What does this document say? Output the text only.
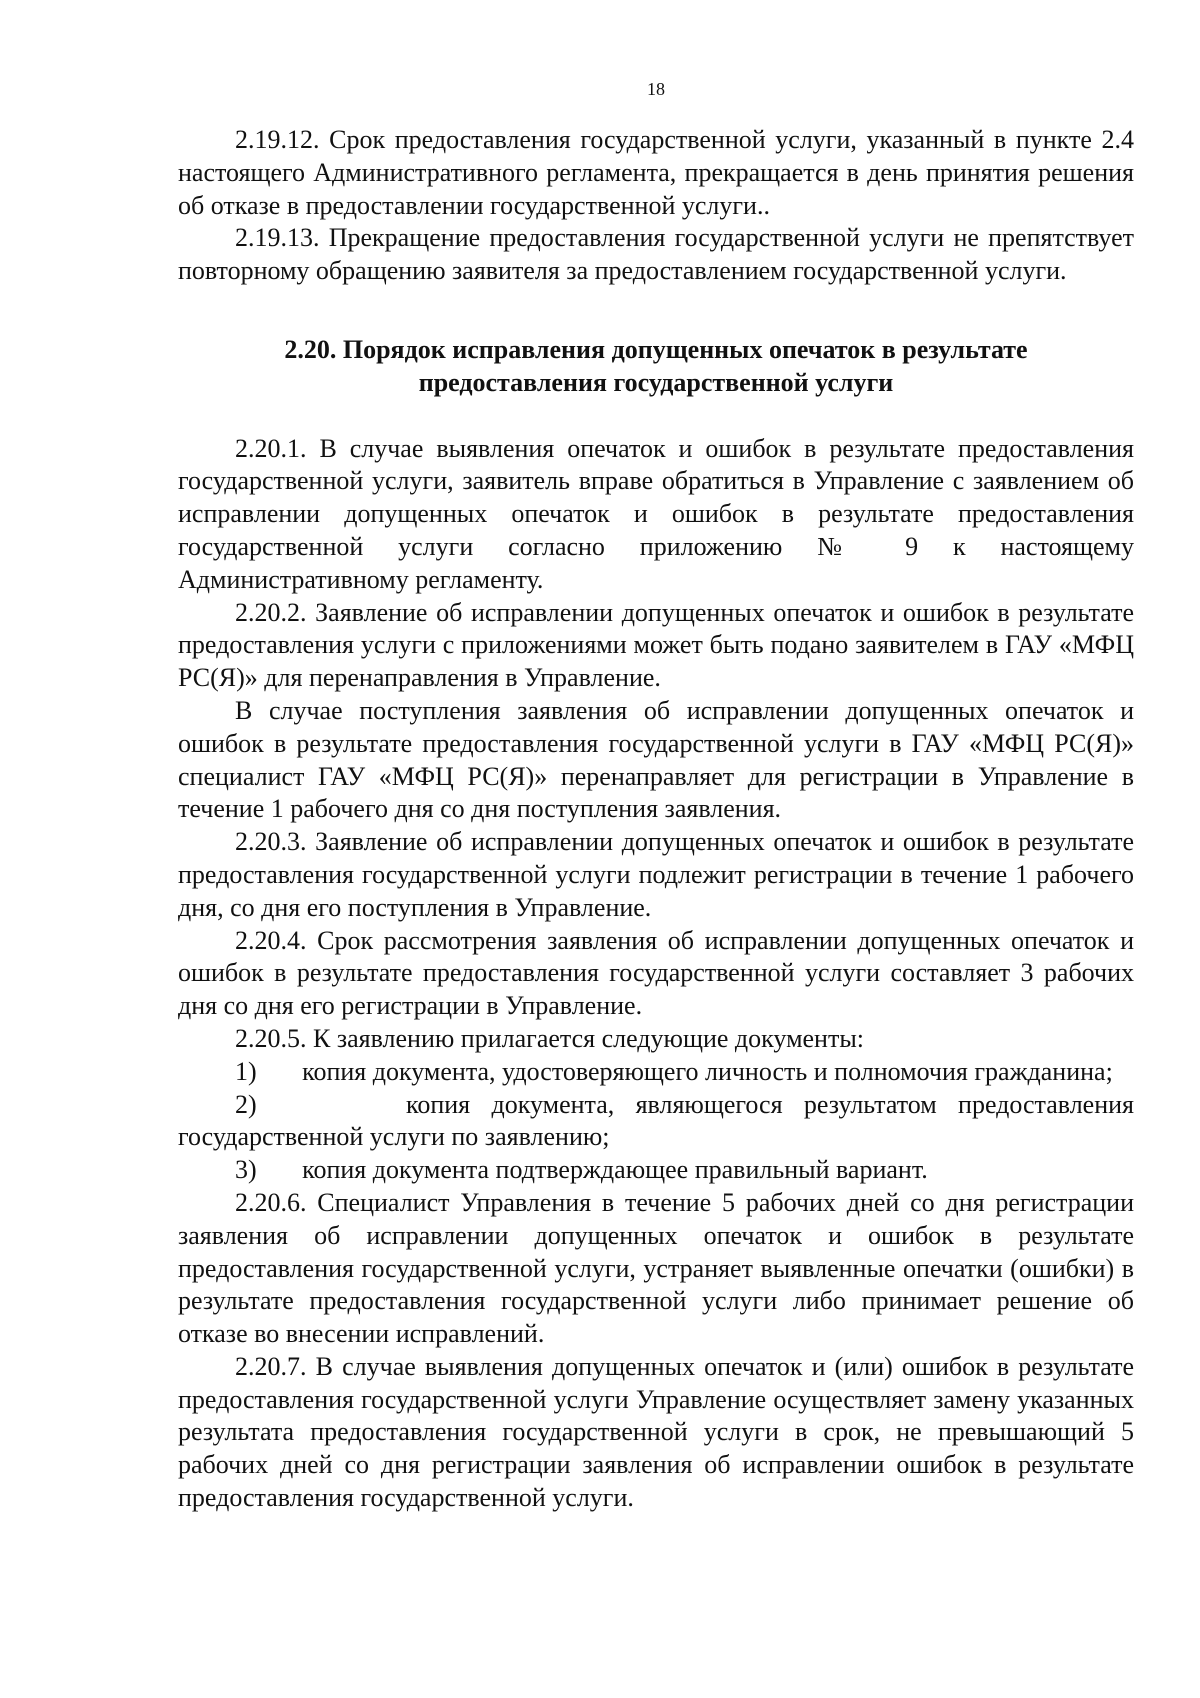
18

2.19.12. Срок предоставления государственной услуги, указанный в пункте 2.4 настоящего Административного регламента, прекращается в день принятия решения об отказе в предоставлении государственной услуги..

2.19.13. Прекращение предоставления государственной услуги не препятствует повторному обращению заявителя за предоставлением государственной услуги.

2.20. Порядок исправления допущенных опечаток в результате
предоставления государственной услуги

2.20.1. В случае выявления опечаток и ошибок в результате предоставления государственной услуги, заявитель вправе обратиться в Управление с заявлением об исправлении допущенных опечаток и ошибок в результате предоставления государственной услуги согласно приложению № 9 к настоящему Административному регламенту.

2.20.2. Заявление об исправлении допущенных опечаток и ошибок в результате предоставления услуги с приложениями может быть подано заявителем в ГАУ «МФЦ РС(Я)» для перенаправления в Управление.

В случае поступления заявления об исправлении допущенных опечаток и ошибок в результате предоставления государственной услуги в ГАУ «МФЦ РС(Я)» специалист ГАУ «МФЦ РС(Я)» перенаправляет для регистрации в Управление в течение 1 рабочего дня со дня поступления заявления.

2.20.3. Заявление об исправлении допущенных опечаток и ошибок в результате предоставления государственной услуги подлежит регистрации в течение 1 рабочего дня, со дня его поступления в Управление.

2.20.4. Срок рассмотрения заявления об исправлении допущенных опечаток и ошибок в результате предоставления государственной услуги составляет 3 рабочих дня со дня его регистрации в Управление.

2.20.5. К заявлению прилагается следующие документы:

1) копия документа, удостоверяющего личность и полномочия гражданина;

2)	копия документа, являющегося результатом предоставления государственной услуги по заявлению;

3) копия документа подтверждающее правильный вариант.

2.20.6. Специалист Управления в течение 5 рабочих дней со дня регистрации заявления об исправлении допущенных опечаток и ошибок в результате предоставления государственной услуги, устраняет выявленные опечатки (ошибки) в результате предоставления государственной услуги либо принимает решение об отказе во внесении исправлений.

2.20.7. В случае выявления допущенных опечаток и (или) ошибок в результате предоставления государственной услуги Управление осуществляет замену указанных результата предоставления государственной услуги в срок, не превышающий 5 рабочих дней со дня регистрации заявления об исправлении ошибок в результате предоставления государственной услуги.
